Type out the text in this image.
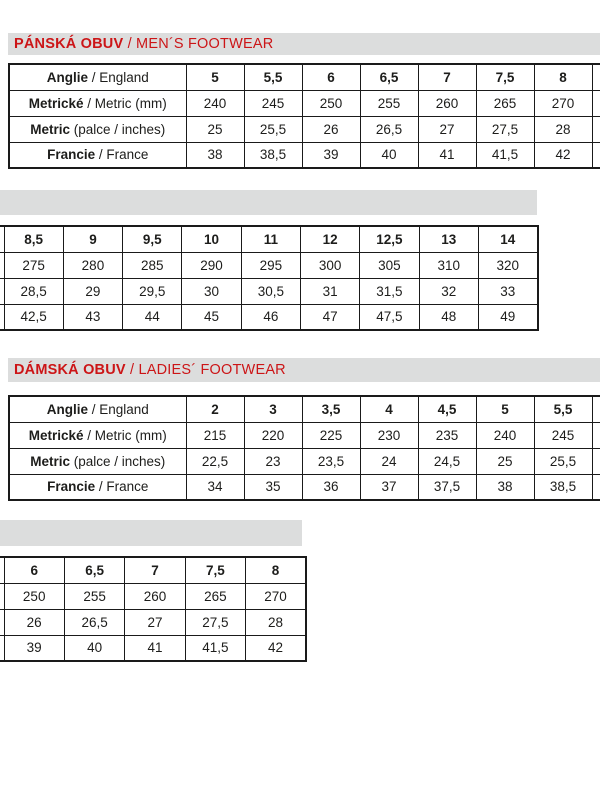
PÁNSKÁ OBUV / MEN´S FOOTWEAR
Anglie / England	5	5,5	6	6,5	7	7,5	8	
Metrické / Metric (mm)	240	245	250	255	260	265	270	
Metric (palce / inches)	25	25,5	26	26,5	27	27,5	28	
Francie / France	38	38,5	39	40	41	41,5	42	
	8,5	9	9,5	10	11	12	12,5	13	14
	275	280	285	290	295	300	305	310	320
	28,5	29	29,5	30	30,5	31	31,5	32	33
	42,5	43	44	45	46	47	47,5	48	49
DÁMSKÁ OBUV / LADIES´ FOOTWEAR
Anglie / England	2	3	3,5	4	4,5	5	5,5	
Metrické / Metric (mm)	215	220	225	230	235	240	245	
Metric (palce / inches)	22,5	23	23,5	24	24,5	25	25,5	
Francie / France	34	35	36	37	37,5	38	38,5	
	6	6,5	7	7,5	8
	250	255	260	265	270
	26	26,5	27	27,5	28
	39	40	41	41,5	42
